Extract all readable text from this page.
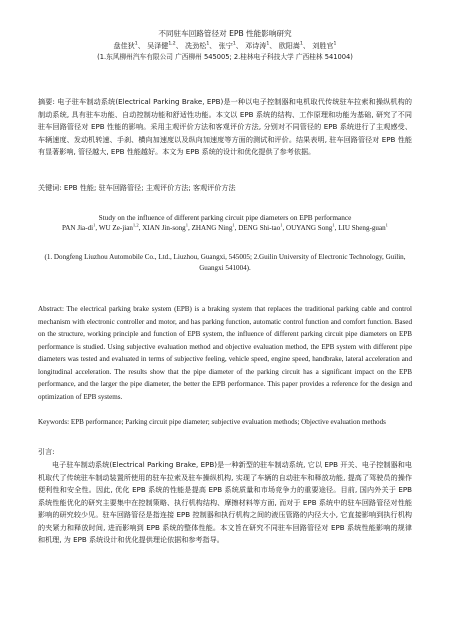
不同驻车回路管径对 EPB 性能影响研究
盘佳狄$^1$、 吴泽健$^{1,2}$、 冼劲松$^1$、 张宁$^1$、 邓诗涛$^1$、 欧阳嵩$^1$、 刘胜官$^1$
(1.东风柳州汽车有限公司 广西柳州 545005; 2.桂林电子科技大学 广西桂林 541004)
摘要: 电子驻车制动系统(Electrical Parking Brake, EPB)是一种以电子控制器和电机取代传统驻车拉索和操纵机构的制动系统, 具有驻车功能、自动控制功能和舒适性功能。本文以 EPB 系统的结构、工作原理和功能为基础, 研究了不同驻车回路管径对 EPB 性能的影响。采用主观评价方法和客观评价方法, 分别对不同管径的 EPB 系统进行了主观感受、车辆速度、发动机转速、手刹、横向加速度以及纵向加速度等方面的测试和评价。结果表明, 驻车回路管径对 EPB 性能有显著影响, 管径越大, EPB 性能越好。本文为 EPB 系统的设计和优化提供了参考依据。
关键词: EPB 性能; 驻车回路管径; 主观评价方法; 客观评价方法
Study on the influence of different parking circuit pipe diameters on EPB performance
PAN Jia-$di^1$, WU Ze-jian$^{1,2}$, XIAN Jin-song$^1$, ZHANG Ning$^1$, DENG Shi-tao$^1$, OUYANG Song$^1$, LIU Sheng-guan$^1$
(1. Dongfeng Liuzhou Automobile Co., Ltd., Liuzhou, Guangxi, 545005; 2.Guilin University of Electronic Technology, Guilin, Guangxi 541004).
Abstract: The electrical parking brake system (EPB) is a braking system that replaces the traditional parking cable and control mechanism with electronic controller and motor, and has parking function, automatic control function and comfort function. Based on the structure, working principle and function of EPB system, the influence of different parking circuit pipe diameters on EPB performance is studied. Using subjective evaluation method and objective evaluation method, the EPB system with different pipe diameters was tested and evaluated in terms of subjective feeling, vehicle speed, engine speed, handbrake, lateral acceleration and longitudinal acceleration. The results show that the pipe diameter of the parking circuit has a significant impact on the EPB performance, and the larger the pipe diameter, the better the EPB performance. This paper provides a reference for the design and optimization of EPB systems.
Keywords: EPB performance; Parking circuit pipe diameter; subjective evaluation methods; Objective evaluation methods
引言:
电子驻车制动系统(Electrical Parking Brake, EPB)是一种新型的驻车制动系统, 它以 EPB 开关、电子控制器和电机取代了传统驻车制动装置所使用的驻车拉索及驻车操纵机构, 实现了车辆的自动驻车和释放功能, 提高了驾驶员的操作便利性和安全性。因此, 优化 EPB 系统的性能是提高 EPB 系统质量和市场竞争力的重要途径。目前, 国内外关于 EPB 系统性能优化的研究主要集中在控制策略、执行机构结构、摩擦材料等方面, 而对于 EPB 系统中的驻车回路管径对性能影响的研究较少见。驻车回路管径是指连接 EPB 控制器和执行机构之间的液压管路的内径大小, 它直接影响到执行机构的夹紧力和释放时间, 进而影响到 EPB 系统的整体性能。本文旨在研究不同驻车回路管径对 EPB 系统性能影响的规律和机理, 为 EPB 系统设计和优化提供理论依据和参考指导。
